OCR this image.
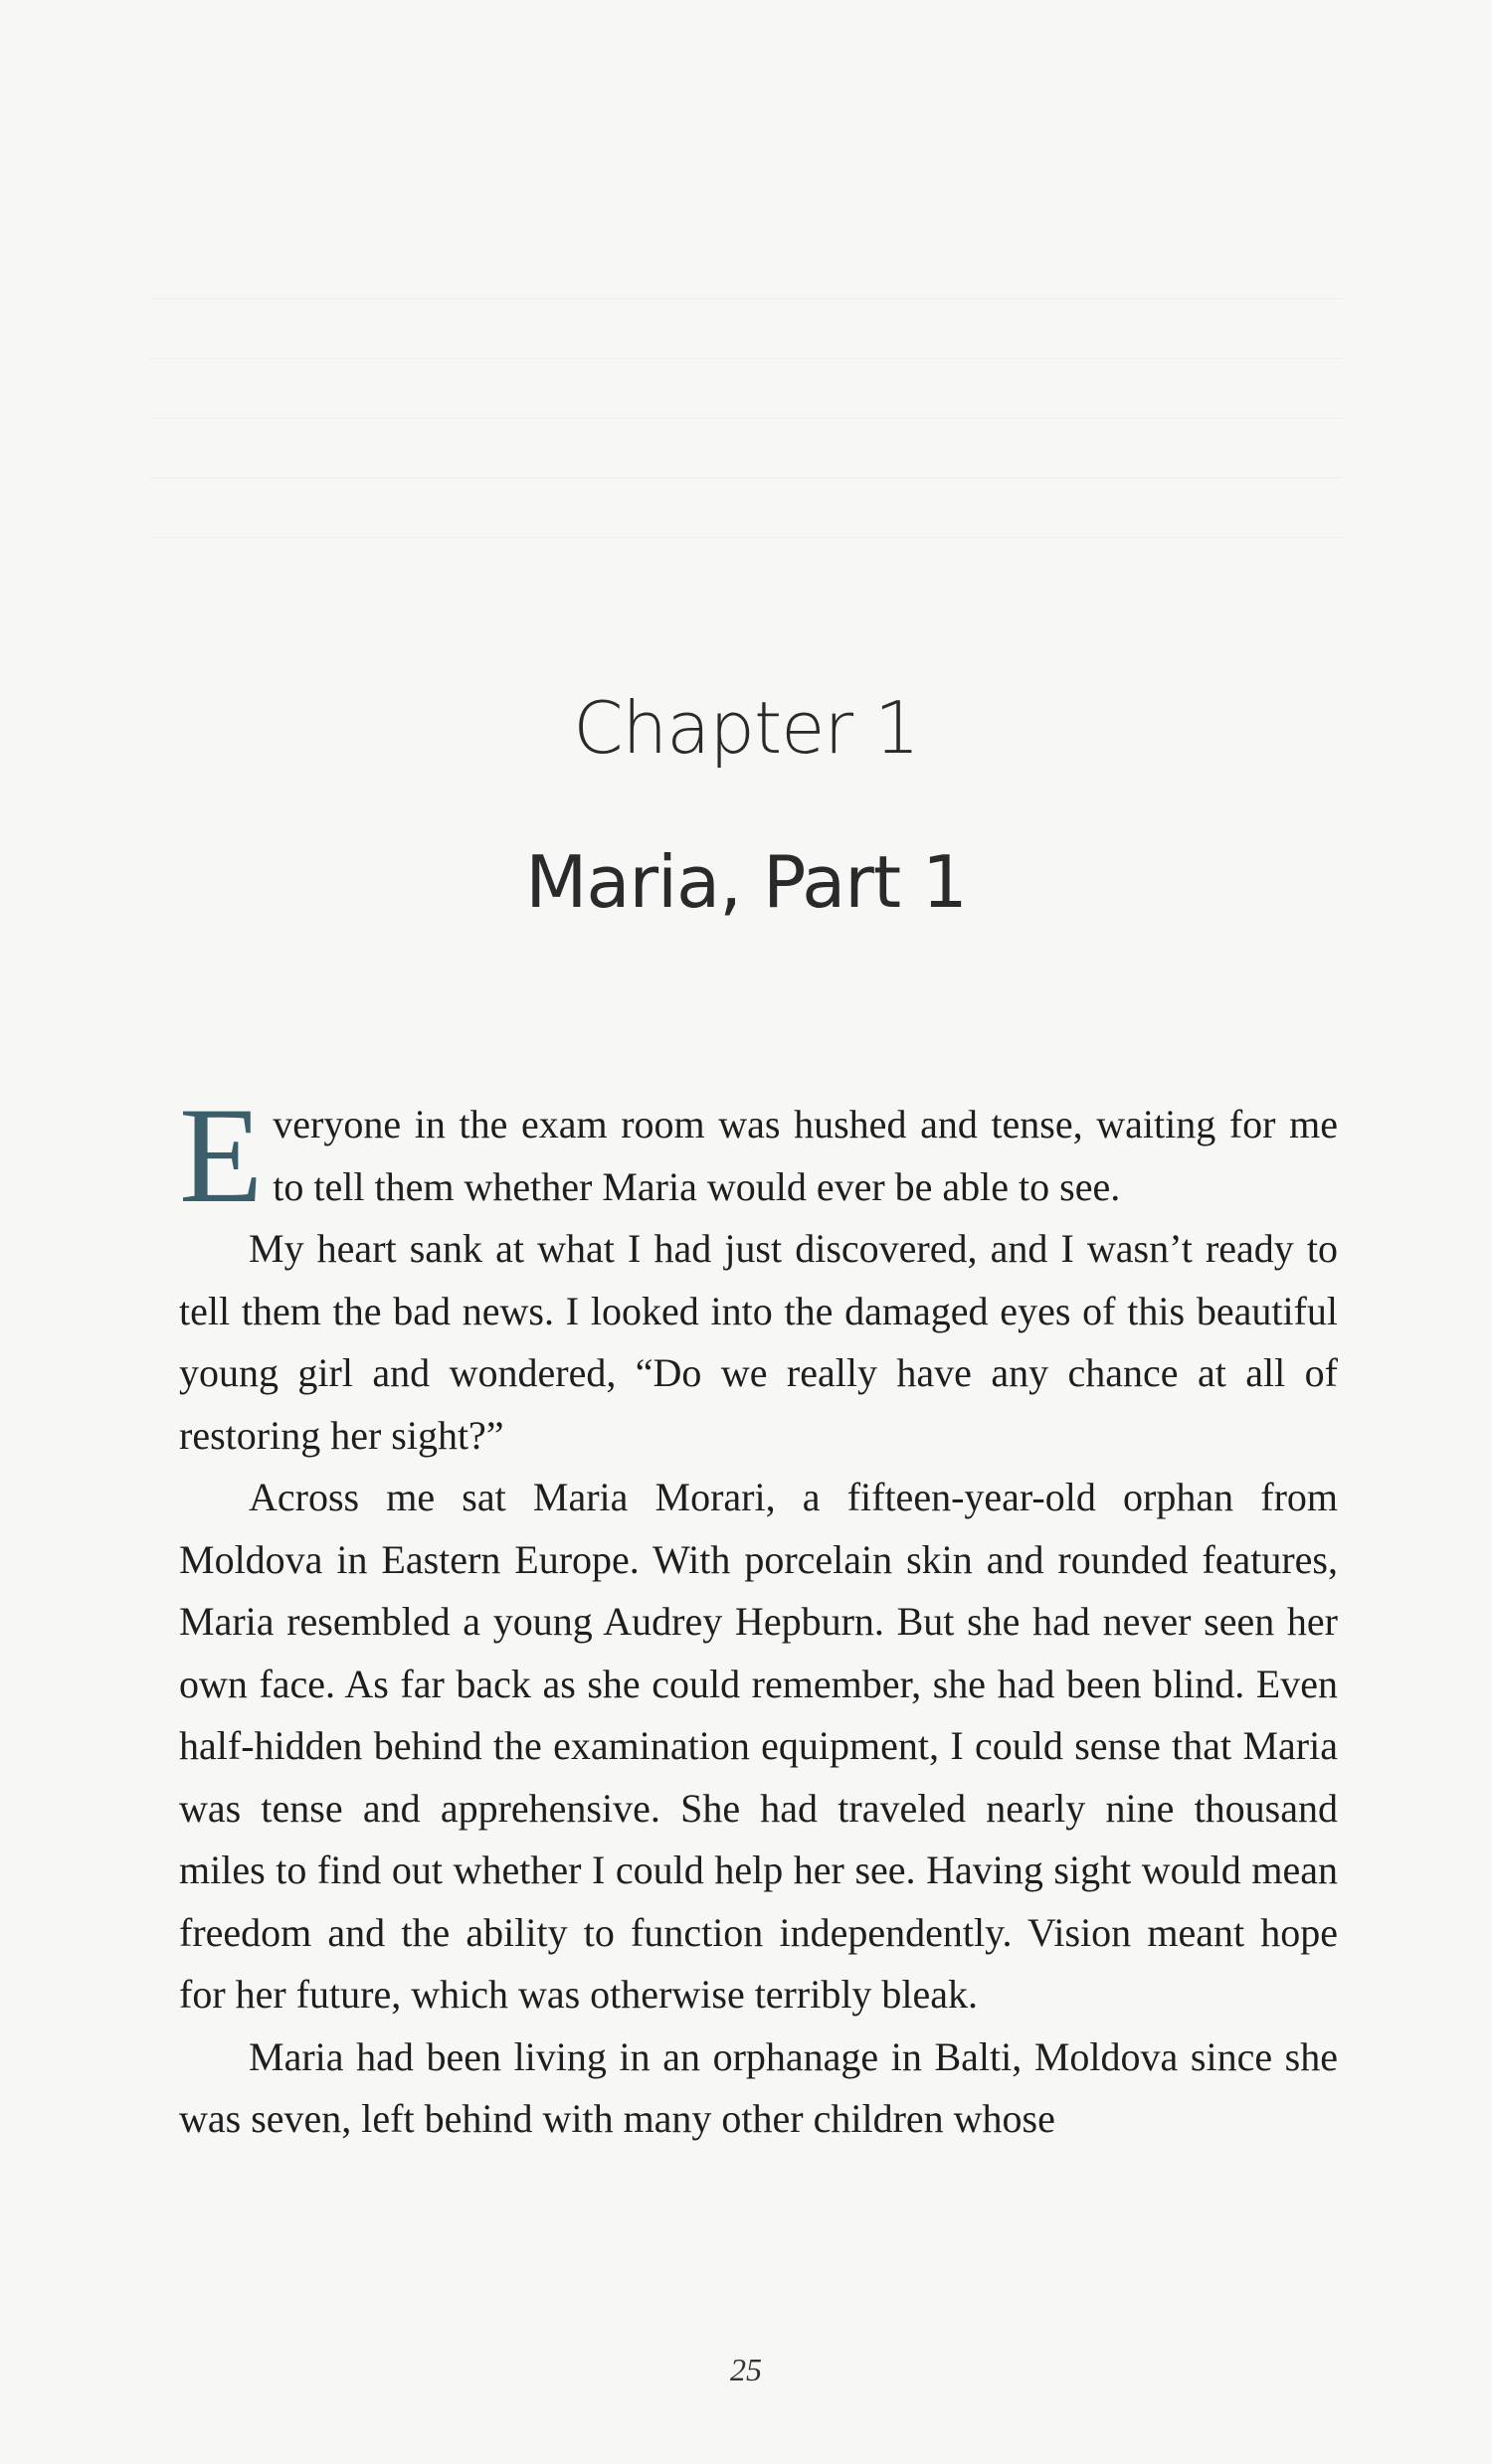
Chapter 1
Maria, Part 1

Everyone in the exam room was hushed and tense, waiting for me to tell them whether Maria would ever be able to see.

My heart sank at what I had just discovered, and I wasn’t ready to tell them the bad news. I looked into the damaged eyes of this beautiful young girl and wondered, “Do we really have any chance at all of restoring her sight?”

Across me sat Maria Morari, a fifteen-year-old orphan from Moldova in Eastern Europe. With porcelain skin and rounded features, Maria resembled a young Audrey Hepburn. But she had never seen her own face. As far back as she could remember, she had been blind. Even half-hidden behind the examination equipment, I could sense that Maria was tense and apprehensive. She had traveled nearly nine thousand miles to find out whether I could help her see. Having sight would mean freedom and the ability to function independently. Vision meant hope for her future, which was otherwise terribly bleak.

Maria had been living in an orphanage in Balti, Moldova since she was seven, left behind with many other children whose

25
